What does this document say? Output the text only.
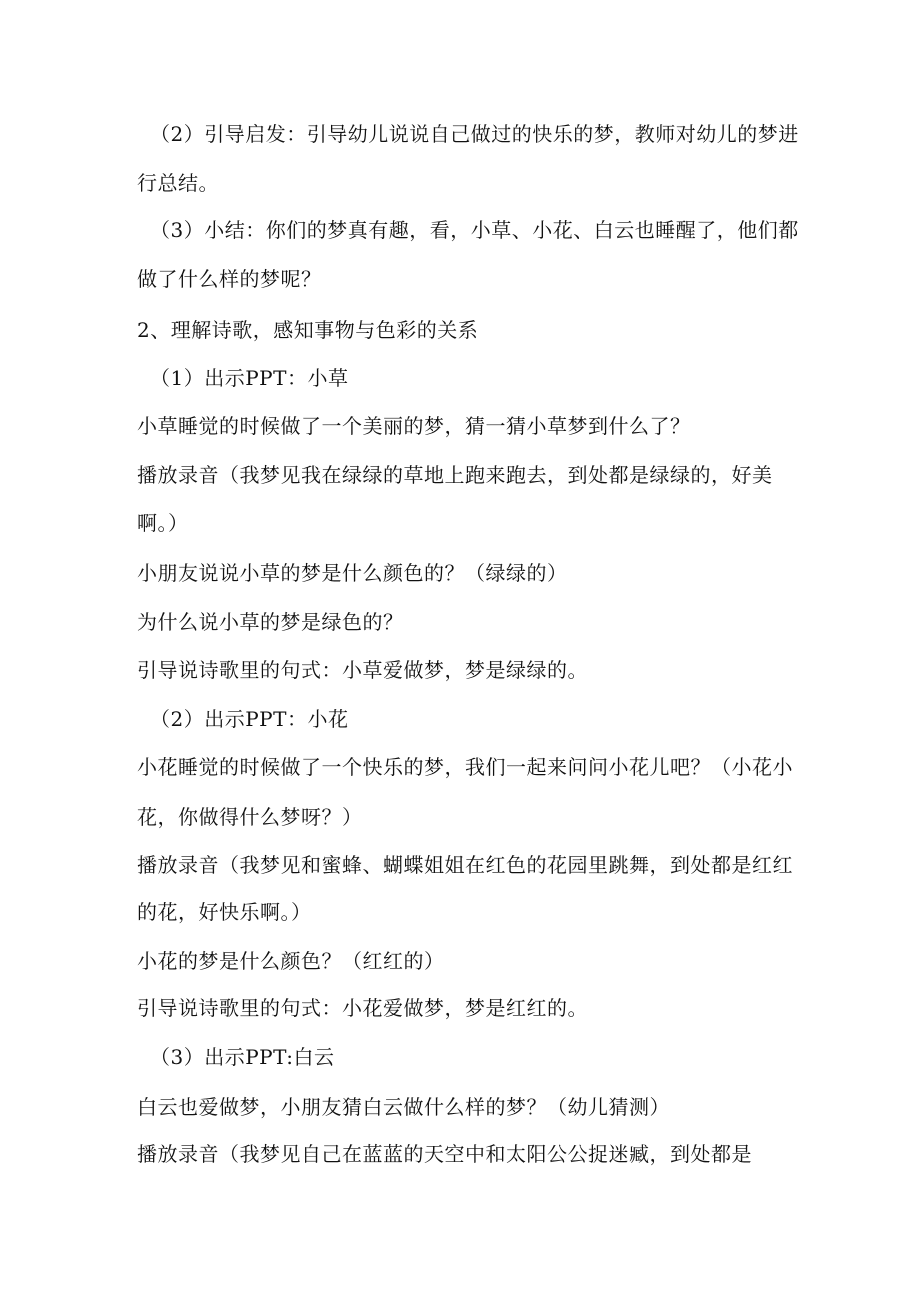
（2）引导启发：引导幼儿说说自己做过的快乐的梦，教师对幼儿的梦进
行总结。
（3）小结：你们的梦真有趣，看，小草、小花、白云也睡醒了，他们都
做了什么样的梦呢？
2、理解诗歌，感知事物与色彩的关系
（1）出示PPT：小草
小草睡觉的时候做了一个美丽的梦，猜一猜小草梦到什么了？
播放录音（我梦见我在绿绿的草地上跑来跑去，到处都是绿绿的，好美
啊。）
小朋友说说小草的梦是什么颜色的？（绿绿的）
为什么说小草的梦是绿色的？
引导说诗歌里的句式：小草爱做梦，梦是绿绿的。
（2）出示PPT：小花
小花睡觉的时候做了一个快乐的梦，我们一起来问问小花儿吧？（小花小
花，你做得什么梦呀？）
播放录音（我梦见和蜜蜂、蝴蝶姐姐在红色的花园里跳舞，到处都是红红
的花，好快乐啊。）
小花的梦是什么颜色？（红红的）
引导说诗歌里的句式：小花爱做梦，梦是红红的。
（3）出示PPT:白云
白云也爱做梦，小朋友猜白云做什么样的梦？（幼儿猜测）
播放录音（我梦见自己在蓝蓝的天空中和太阳公公捉迷臧，到处都是
